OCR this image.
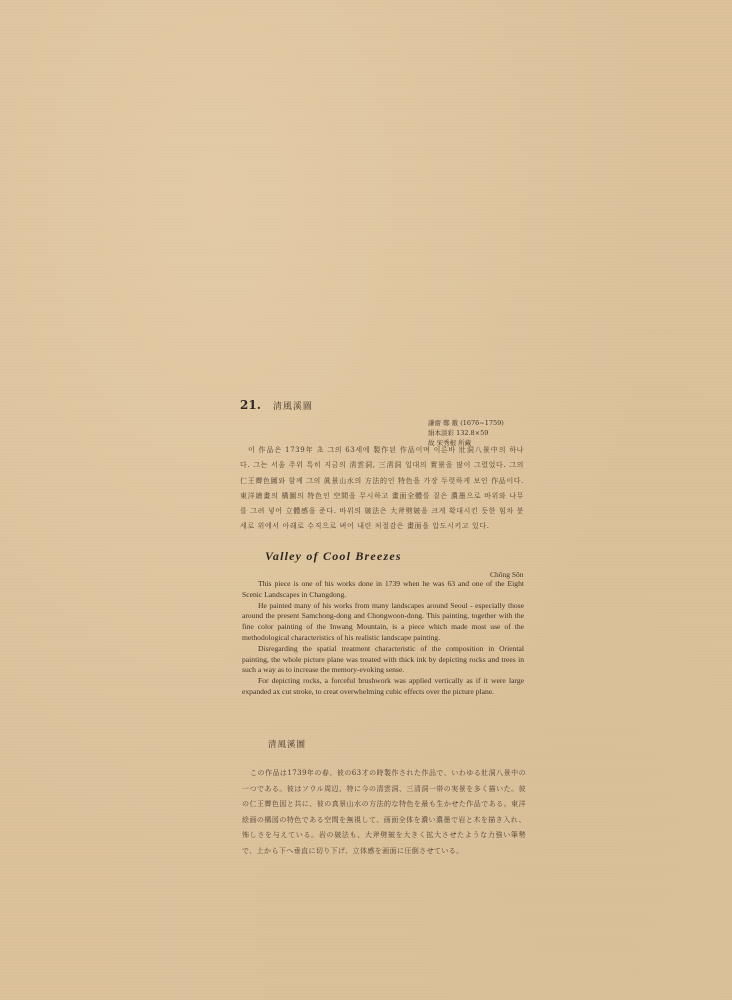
21. 淸風溪圖
謙齋 鄭 敾 (1676~1759)
絹本淡彩 132.8×59
故 宋秀根 所藏
이 作品은 1739年 초 그의 63세에 製作된 作品이며 이른바 壯洞八景中의 하나다. 그는 서울 주위 특히 지금의 淸雲洞, 三淸洞 일대의 實景을 많이 그렸었다. 그의 仁王霽色圖와 함께 그의 眞景山水의 方法的인 特色을 가장 두렷하게 보인 作品이다. 東洋繪畫의 構圖의 特色인 空間을 무시하고 畫面全體를 짙은 濃墨으로 바위와 나무를 그려 넣어 立體感을 준다. 바위의 皴法은 大斧劈皴을 크게 확대시킨 듯한 힘차 붓세로 위에서 아래로 수직으로 벼어 내린 처절감은 畫面을 압도시키고 있다.
Valley of Cool Breezes
Chŏng Sŏn

This piece is one of his works done in 1739 when he was 63 and one of the Eight Scenic Landscapes in Changdong.

He painted many of his works from many landscapes around Seoul - especially those around the present Samchong-dong and Chongwoon-dong. This painting, together with the fine color painting of the Inwang Mountain, is a piece which made most use of the methodological characteristics of his realistic landscape painting.

Disregarding the spatial treatment characteristic of the composition in Oriental painting, the whole picture plane was treated with thick ink by depicting rocks and trees in such a way as to increase the memory-evoking sense.

For depicting rocks, a forceful brushwork was applied vertically as if it were large expanded ax cut stroke, to creat overwhelming cubic effects over the picture plane.

清風溪圖
この作品は1739年の春、彼の63才の時製作された作品で、いわゆる壯洞八景中の一つである。彼はソウル周辺、特に今の清雲洞、三清洞一帯の実景を多く描いた。彼の仁王霽色図と共に、彼の真景山水の方法的な特色を最も生かせた作品である。東洋絵画の構図の特色である空間を無視して、画面全体を濃い濃墨で岩と木を描き入れ、怖しさを与えている。岩の皴法も、大斧劈皴を大きく拡大させたような力強い筆勢で、上から下へ垂直に切り下げ、立体感を画面に圧倒させている。
